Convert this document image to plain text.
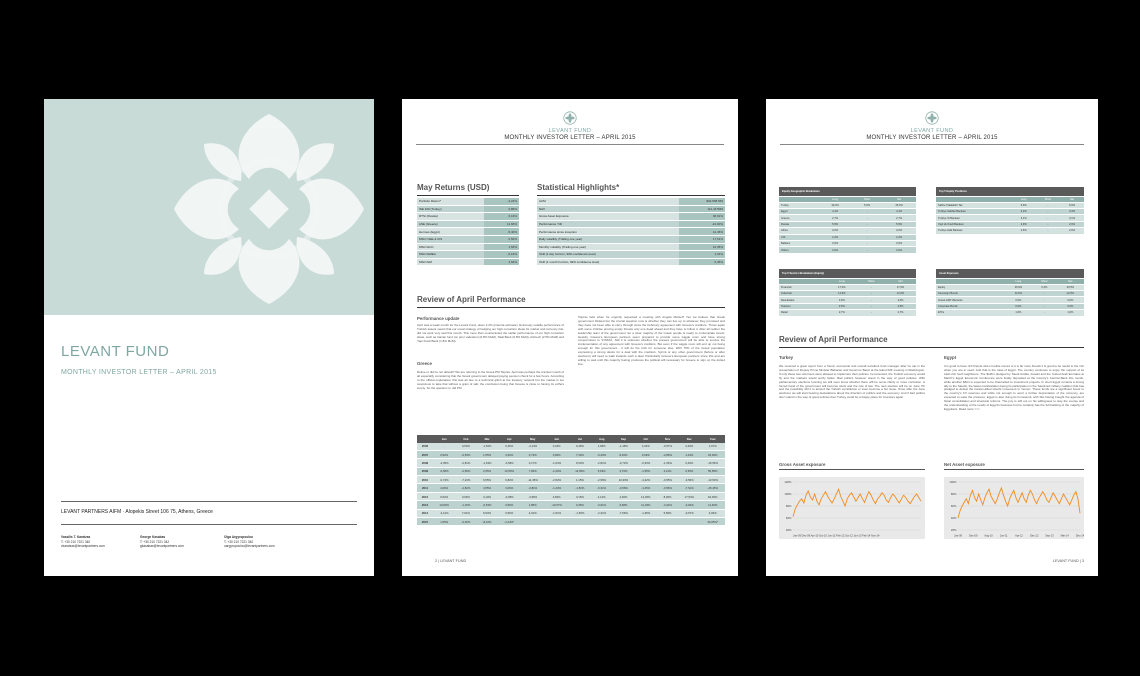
LEVANT FUND
MONTHLY INVESTOR LETTER – APRIL 2015
LEVANT PARTNERS AIFM · Alopekis Street 106 75, Athens, Greece
Vassilis T. Karatzas
T: +30 210 7221 340
vkaratzas@levantpartners.com
George Kasabas
T: +30 210 7221 342
gkasabas@levantpartners.com
Olga Argyropoulou
T: +30 210 7221 340
oargyropoulou@levantpartners.com
LEVANT FUND
MONTHLY INVESTOR LETTER – APRIL 2015
May Returns (USD)
Portfolio Return*	-2,24%
ISE 100 (Turkey)	0,86%
RTSI (Russia)	6,16%
ASE (Greece)	11,66%
Hermes (Egypt)	-5,40%
MSCI CEE & CIS	0,56%
MSCI ECC	1,56%
MSCI EMEA	-0,16%
MSCI EM	2,66%
Statistical Highlights*
AUM	$32.568.569
NAV	112,447569
Gross Asset Exposure	96,61%
Performance YtD	-16,00%
Performance since inception	12,45%
Daily volatility (Trailing one year)	17,51%
Monthly volatility (Trailing one year)	16,35%
VAR (1 day horizon, 99% confidence level)	1,61%
VAR (1 month horizon, 99% confidence level)	6,45%
Review of April Performance
Performance update
April was a weak month for the Levant Fund, down 2.2% (internal estimate). Extremely volatile performance of Turkish assets meant that our usual strategy of hedging our high conviction ideas for market and currency risk, did not work very well this month. This more than counteracted the stellar performance of our high conviction ideas, such as Iranian fund (on prior valuation) (6.8% MoM), Tatal Bank (6.8% MoM), Ashtech (2.5% MoM) and Yapi Kredi Bank (1.8% MoM).
Greece
Deline or did he not default? We are referring to the Greek PM Tsipras. April was perhaps the craziest month of all especially considering that the Greek government delayed paying pension check for a few hours. According to the official explanation this was all due to a technical glitch at the treasury network but the market is too suspicious to take that without a grain of salt; the conclusion being that Greece is close to having its coffers empty. So the question is: did PM
Tsipras faint when he urgently requested a meeting with Angela Merkel? Yes we believe that Greek government blinked but the crucial question now is whether they can live up to whatever they promised and they have not been able to carry through since the February agreement with Greece's creditors. Those again with some criticise proving empty threats only one dead ahead and they have to follow it. After all neither the leadership team of the government nor a clear majority of the Greek people is ready to contemplate Grexit. Heavily, Greece's European partners seem prepared to provide some wiggle room and have strong compromises to SYRIZA. Still it is unknown whether the present government will be able to survive the implementation of any agreement with Greece's creditors. But even if the wiggle room will end up not being enough for this government... it will do the trick for someone else. With 75% of the Greek population expressing a strong desire for a deal with the creditors, Syriza or any other government (before or after elections) will need to walk towards such a deal. Particularly Greece's European partners since this and are willing to wait until this majority feeling produces the political will necessary for Greece to sign on the dotted line.
	Jan	Feb	Mar	Apr	May	Jun	Jul	Aug	Sep	Oct	Nov	Dec	Year
2006	-	0,53%	-1,52%	0,46%	-4,14%	0,34%	0,46%	1,06%	-1,48%	4,34%	-0,57%	2,26%	1,67%
2007	0,92%	-0,53%	1,55%	3,52%	0,73%	0,66%	7,33%	-0,26%	8,46%	4,63%	-2,86%	1,44%	33,02%
2008	-4,35%	-2,81%	-1,63%	-0,56%	0,17%	-1,64%	6,53%	-2,81%	-3,72%	-6,33%	-1,06%	0,46%	-15,56%
2009	-0,56%	-2,56%	2,55%	10,56%	7,66%	-2,26%	12,56%	5,63%	3,76%	-1,55%	4,41%	6,35%	55,55%
2010	-0,74%	-7,23%	6,55%	6,82%	-11,35%	-2,52%	1,15%	-2,56%	10,33%	-4,22%	-0,55%	-3,56%	-13,53%
2011	4,06%	-2,82%	4,55%	3,06%	-0,81%	-1,43%	-1,50%	-0,31%	-0,56%	-3,45%	-0,56%	-7,51%	-25,45%
2012	6,52%	3,06%	3,10%	-0,05%	-3,56%	4,84%	3,15%	4,12%	4,36%	12,45%	8,36%	17,54%	64,45%
2013	10,83%	-1,15%	-0,53%	0,56%	1,85%	-10,57%	0,35%	-0,91%	6,68%	11,33%	-3,24%	-3,92%	11,36%
2014	-2,12%	7,61%	6,53%	0,56%	4,01%	-1,51%	-1,56%	-2,31%	-7,56%	-1,35%	5,56%	-0,67%	3,03%
2015	1,55%	-0,45%	-8,10%	-2,24%*									30,05%*
2 | LEVANT FUND
LEVANT FUND
MONTHLY INVESTOR LETTER – APRIL 2015
Equity Geographic Breakdown			
	Long	Short	Net
Turkey	30,3%	5,0%	25,3%
Egypt	4,1%	-	4,1%
Greece	2,7%	-	2,7%
Russia	5,5%	-	5,5%
Africa	0,0%	-	0,0%
CIS	2,2%	-	2,2%
Balkans	0,0%	-	0,0%
Others	0,0%	-	0,0%
Top 5 Equity Positions			
	Long	Short	Net
Sabhe Palatabkir Tas	5,9%	-	5,9%
Turkiye Vakiflar Bankasi	3,3%	-	3,3%
Turkiye IS Bankasi	3,1%	-	3,1%
Yapi Ve Kredi Bankasi	2,9%	-	2,9%
Turkiye Halk Bankasi	2,6%	-	2,6%
Top 5 Sectors Breakdown (Equity)			
	Long	Short	Net
Financial	17,0%	-	17,0%
Industrial	12,6%	-	12,6%
Real Estate	3,0%	-	3,0%
Telecom	2,5%	-	2,5%
Retail	2,7%	-	2,7%
Asset Exposure			
	Long	Short	Net
Equity	46,9%	6,4%	40,5%
Sovereign Bonds	12,6%	-	12,6%
Greek GDP Warrants	0,0%	-	0,0%
Corporate Bonds	0,0%	-	0,0%
ETFs	1,6%	-	1,6%
Review of April Performance
Turkey
We received a great report from a friend, economist and overall excellent fund manager after he sat in the presentation of Deputy Prime Minister Babacan and Governor Basci at the latest IMF meeting in Washington. If only these two reformers were allowed to implement their policies, he lamented, the Turkish economy would fly and the markets would terrify fades. Bad politics however stand in the way of good policies. With parliamentary elections looming we will soon know whether there will be some clarity or more confusion. A forced hand of the government will become stuck and the rule of law. The next election will be on June 7th and the possibility will it to amend the Turkish constitution or even become a hot issue. Once after the June elections we will start hearing declarations about the direction of politics and the economy. And if bad politics don't stand in the way of good policies then Turkey could be a happy place for investors again.
Egypt
It is good to have rich friends when trouble comes or it is far more friends it is good to be useful to the rich when you are in need. And that is the case of Egypt. The country continues to enjoy the support of its cash-rich Gulf neighbours. The $12bn pledged by Saudi Arabia, Kuwait and the United Arab Emirates at March's Egypt Economic Conference were finally deposited at the country's Central Bank this month, while another $6bn is expected to be channelled to investment projects. In short Egypt remains a strong ally to the Saudis, the latest manifestation being its participation in the Saudi-led military coalition that has pledged to defeat the Iranian-allied Houthi movement in Yemen. These funds are a significant boost to the country's FX reserves and while not enough to avert a further depreciation of the currency, are expected to ease the pressure. Egypt is also doing its homework, with Sisi having bought the agenda of fiscal consolidation and structural reforms. The jury is still out on his willingness to stay the course and the understanding of the needs of Egypt's business but he certainly has the full backing of the majority of Egyptians. Read more >>>
Gross Asset exposure
120%
100%
80%
60%
40%
Jan-09 Dec-09 Apr-10 Oct-10 Jun-11 Feb-12 Oct-12 Jun-13 Feb-14 Nov-14
Net Asset exposure
100%
80%
60%
40%
20%
Jan-09	Dec-09	Aug-10	Jun-11	Apr-12	Dec-12	Sep-13	Mar-14	Dec-14
LEVANT FUND | 3
